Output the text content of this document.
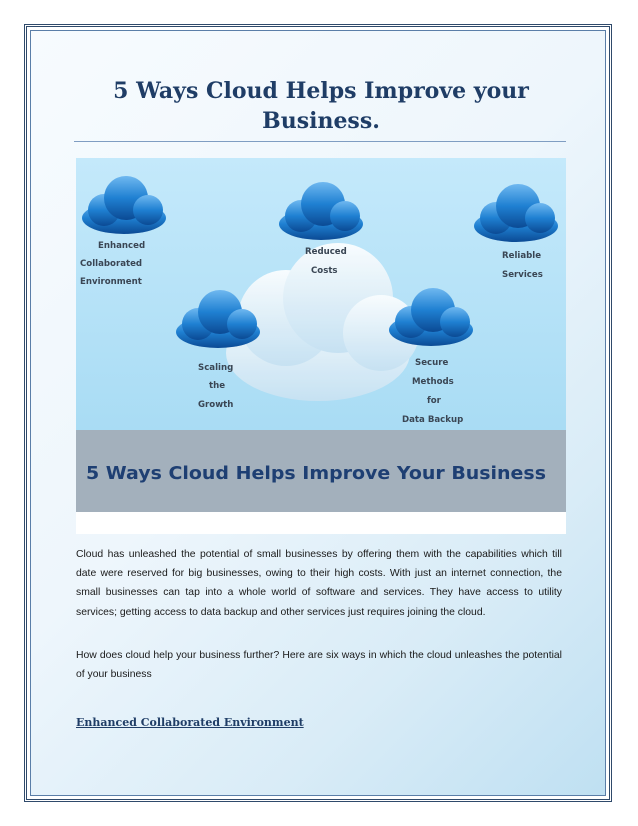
5 Ways Cloud Helps Improve your Business.
Enhanced
Collaborated
Environment
Reduced
Costs
Reliable
Services
Scaling
the
Growth
Secure
Methods
for
Data Backup
5 Ways Cloud Helps Improve Your Business

Cloud has unleashed the potential of small businesses by offering them with the capabilities which till date were reserved for big businesses, owing to their high costs. With just an internet connection, the small businesses can tap into a whole world of software and services. They have access to utility services; getting access to data backup and other services just requires joining the cloud.

How does cloud help your business further? Here are six ways in which the cloud unleashes the potential of your business

Enhanced Collaborated Environment
